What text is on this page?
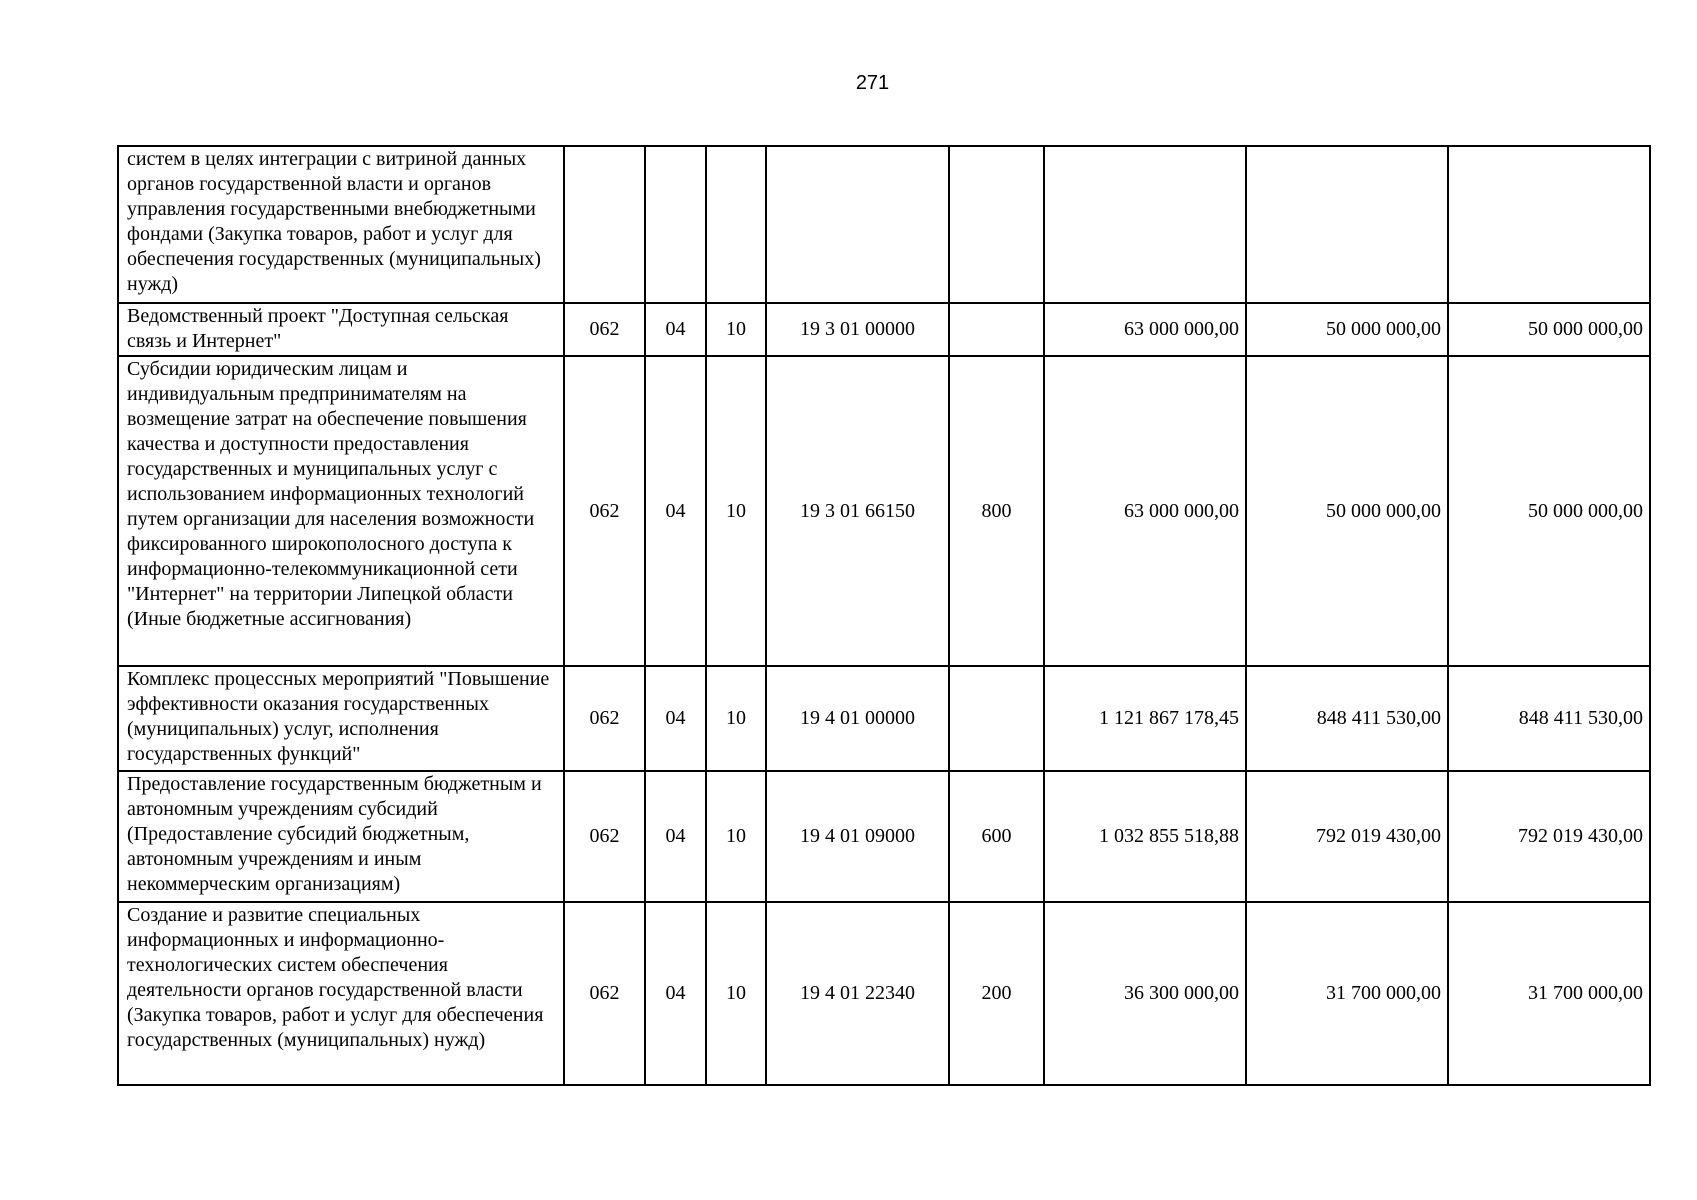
271
систем в целях интеграции с витриной данных органов государственной власти и органов управления государственными внебюджетными фондами (Закупка товаров, работ и услуг для обеспечения государственных (муниципальных) нужд)								
Ведомственный проект "Доступная сельская связь и Интернет"	062	04	10	19 3 01 00000		63 000 000,00	50 000 000,00	50 000 000,00
Субсидии юридическим лицам и индивидуальным предпринимателям на возмещение затрат на обеспечение повышения качества и доступности предоставления государственных и муниципальных услуг с использованием информационных технологий путем организации для населения возможности фиксированного широкополосного доступа к информационно-телекоммуникационной сети "Интернет" на территории Липецкой области (Иные бюджетные ассигнования)	062	04	10	19 3 01 66150	800	63 000 000,00	50 000 000,00	50 000 000,00
Комплекс процессных мероприятий "Повышение эффективности оказания государственных (муниципальных) услуг, исполнения государственных функций"	062	04	10	19 4 01 00000		1 121 867 178,45	848 411 530,00	848 411 530,00
Предоставление государственным бюджетным и автономным учреждениям субсидий (Предоставление субсидий бюджетным, автономным учреждениям и иным некоммерческим организациям)	062	04	10	19 4 01 09000	600	1 032 855 518,88	792 019 430,00	792 019 430,00
Создание и развитие специальных информационных и информационно-технологических систем обеспечения деятельности органов государственной власти (Закупка товаров, работ и услуг для обеспечения государственных (муниципальных) нужд)	062	04	10	19 4 01 22340	200	36 300 000,00	31 700 000,00	31 700 000,00
